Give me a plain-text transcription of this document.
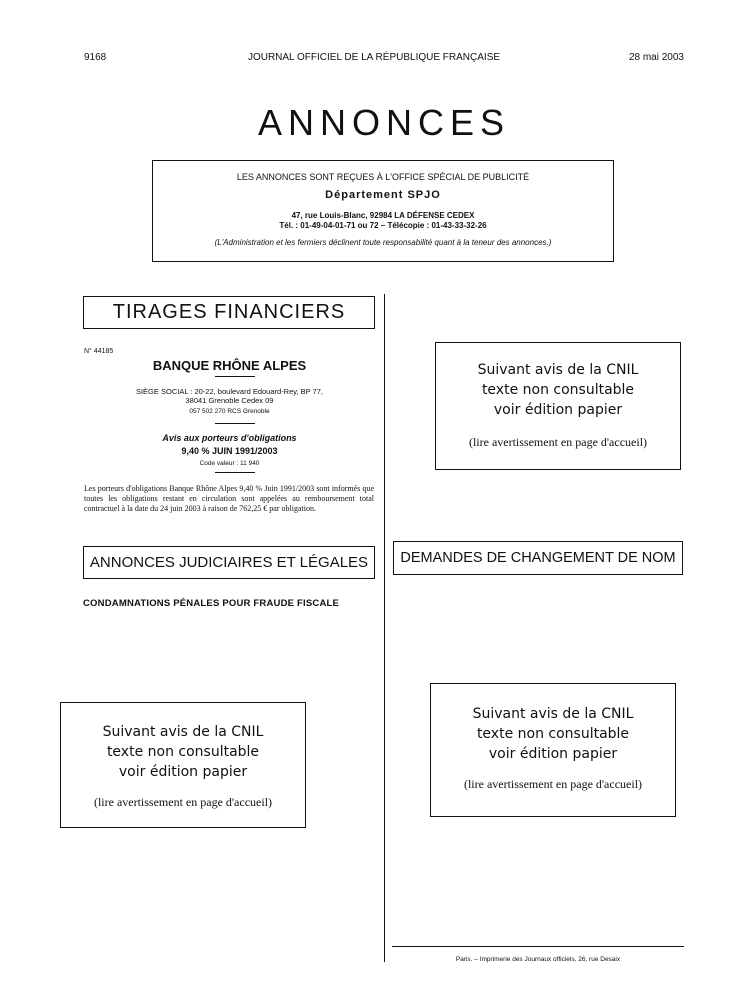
9168	JOURNAL OFFICIEL DE LA RÉPUBLIQUE FRANÇAISE	28 mai 2003
ANNONCES
LES ANNONCES SONT REÇUES À L'OFFICE SPÉCIAL DE PUBLICITÉ
Département SPJO
47, rue Louis-Blanc, 92984 LA DÉFENSE CEDEX
Tél. : 01-49-04-01-71 ou 72 – Télécopie : 01-43-33-32-26
(L'Administration et les fermiers déclinent toute responsabilité quant à la teneur des annonces.)
TIRAGES FINANCIERS
N° 44185
BANQUE RHÔNE ALPES
SIÈGE SOCIAL : 20-22, boulevard Edouard-Rey, BP 77,
38041 Grenoble Cedex 09
057 502 270 RCS Grenoble
Avis aux porteurs d'obligations
9,40 % JUIN 1991/2003
Code valeur : 11 940
Les porteurs d'obligations Banque Rhône Alpes 9,40 % Juin 1991/2003 sont informés que toutes les obligations restant en circulation sont appelées au remboursement total contractuel à la date du 24 juin 2003 à raison de 762,25 € par obligation.
ANNONCES JUDICIAIRES ET LÉGALES
CONDAMNATIONS PÉNALES POUR FRAUDE FISCALE
Suivant avis de la CNIL
texte non consultable
voir édition papier
(lire avertissement en page d'accueil)
Suivant avis de la CNIL
texte non consultable
voir édition papier
(lire avertissement en page d'accueil)
DEMANDES DE CHANGEMENT DE NOM
Suivant avis de la CNIL
texte non consultable
voir édition papier
(lire avertissement en page d'accueil)
Paris. – Imprimerie des Journaux officiels, 26, rue Desaix
